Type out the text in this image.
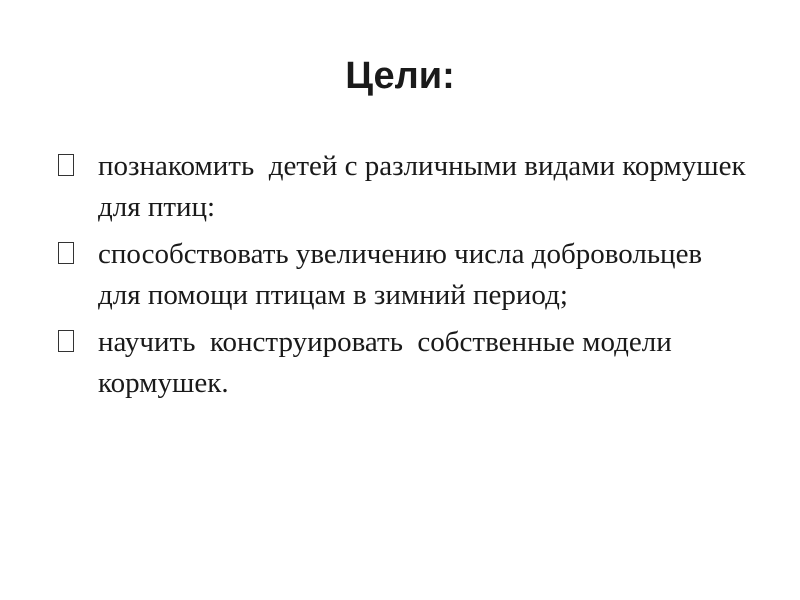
Цели:
познакомить  детей с различными видами кормушек для птиц:
способствовать увеличению числа добровольцев для помощи птицам в зимний период;
научить  конструировать  собственные модели кормушек.
